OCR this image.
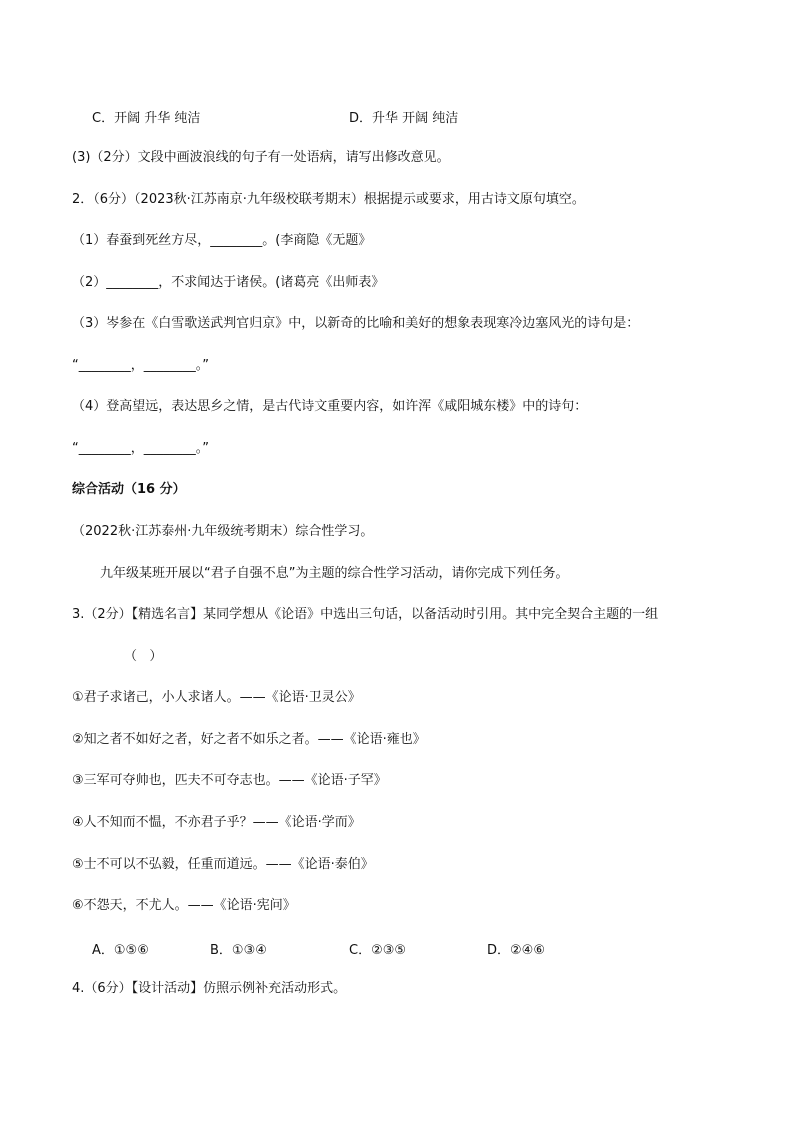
C．开阔 升华 纯洁	D．升华 开阔 纯洁
(3)（2分）文段中画波浪线的句子有一处语病，请写出修改意见。
2．（6分）（2023秋·江苏南京·九年级校联考期末）根据提示或要求，用古诗文原句填空。
（1）春蚕到死丝方尽，________。(李商隐《无题》
（2）________，不求闻达于诸侯。(诸葛亮《出师表》
（3）岑参在《白雪歌送武判官归京》中，以新奇的比喻和美好的想象表现寒冷边塞风光的诗句是：
“________，________。”
（4）登高望远，表达思乡之情，是古代诗文重要内容，如许浑《咸阳城东楼》中的诗句：
“________，________。”
综合活动（16 分）
（2022秋·江苏泰州·九年级统考期末）综合性学习。
九年级某班开展以“君子自强不息”为主题的综合性学习活动，请你完成下列任务。
3.（2分）【精选名言】某同学想从《论语》中选出三句话，以备活动时引用。其中完全契合主题的一组
（   ）
①君子求诸己，小人求诸人。——《论语·卫灵公》
②知之者不如好之者，好之者不如乐之者。——《论语·雍也》
③三军可夺帅也，匹夫不可夺志也。——《论语·子罕》
④人不知而不愠，不亦君子乎？——《论语·学而》
⑤士不可以不弘毅，任重而道远。——《论语·泰伯》
⑥不怨天，不尤人。——《论语·宪问》
A．①⑤⑥	B．①③④	C．②③⑤	D．②④⑥
4.（6分）【设计活动】仿照示例补充活动形式。
